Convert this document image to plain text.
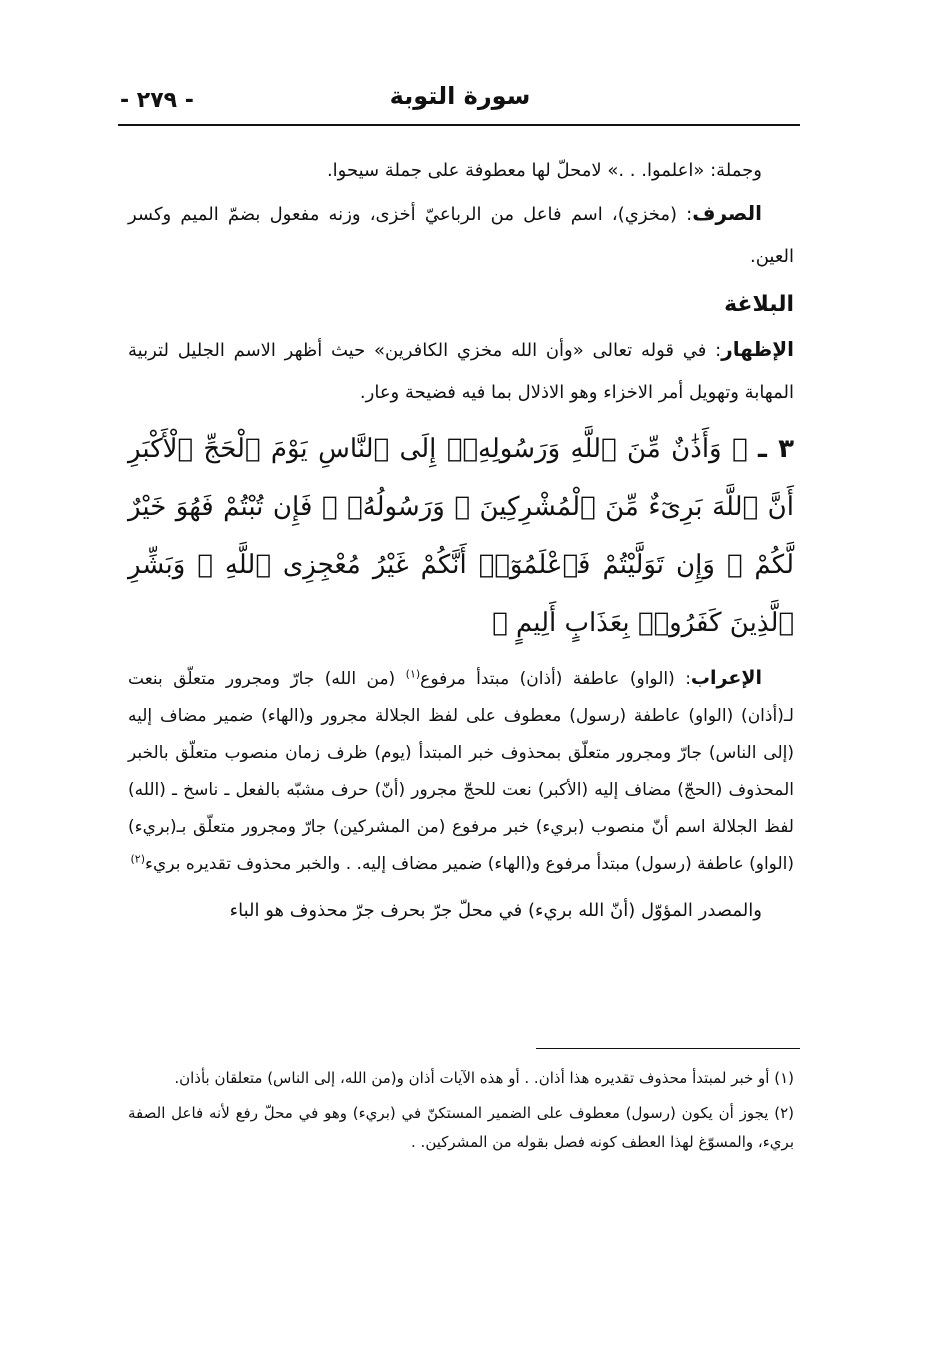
- ٢٧٩ -	سورة التوبة

وجملة: «اعلموا. . .» لامحلّ لها معطوفة على جملة سيحوا.

الصرف: (مخزي)، اسم فاعل من الرباعيّ أخزى، وزنه مفعول بضمّ الميم وكسر العين.

البلاغة

الإظهار: في قوله تعالى «وأن الله مخزي الكافرين» حيث أظهر الاسم الجليل لتربية المهابة وتهويل أمر الاخزاء وهو الاذلال بما فيه فضيحة وعار.

٣ ـ ﴿ وَأَذَٰنٌ مِّنَ ٱللَّهِ وَرَسُولِهِۦٓ إِلَى ٱلنَّاسِ يَوْمَ ٱلْحَجِّ ٱلْأَكْبَرِ أَنَّ ٱللَّهَ بَرِىٓءٌ مِّنَ ٱلْمُشْرِكِينَ ۙ وَرَسُولُهُۥ ۚ فَإِن تُبْتُمْ فَهُوَ خَيْرٌ لَّكُمْ ۖ وَإِن تَوَلَّيْتُمْ فَٱعْلَمُوٓا۟ أَنَّكُمْ غَيْرُ مُعْجِزِى ٱللَّهِ ۗ وَبَشِّرِ ٱلَّذِينَ كَفَرُوا۟ بِعَذَابٍ أَلِيمٍ ﴾

الإعراب: (الواو) عاطفة (أذان) مبتدأ مرفوع$^{(١)}$ (من الله) جارّ ومجرور متعلّق بنعت لـ(أذان) (الواو) عاطفة (رسول) معطوف على لفظ الجلالة مجرور و(الهاء) ضمير مضاف إليه (إلى الناس) جارّ ومجرور متعلّق بمحذوف خبر المبتدأ (يوم) ظرف زمان منصوب متعلّق بالخبر المحذوف (الحجّ) مضاف إليه (الأكبر) نعت للحجّ مجرور (أنّ) حرف مشبّه بالفعل ـ ناسخ ـ (الله) لفظ الجلالة اسم أنّ منصوب (بريء) خبر مرفوع (من المشركين) جارّ ومجرور متعلّق بـ(بريء) (الواو) عاطفة (رسول) مبتدأ مرفوع و(الهاء) ضمير مضاف إليه. . والخبر محذوف تقديره بريء$^{(٢)}$

والمصدر المؤوّل (أنّ الله بريء) في محلّ جرّ بحرف جرّ محذوف هو الباء

(١) أو خبر لمبتدأ محذوف تقديره هذا أذان. . أو هذه الآيات أذان و(من الله، إلى الناس) متعلقان بأذان.

(٢) يجوز أن يكون (رسول) معطوف على الضمير المستكنّ في (بريء) وهو في محلّ رفع لأنه فاعل الصفة بريء، والمسوّغ لهذا العطف كونه فصل بقوله من المشركين. .
